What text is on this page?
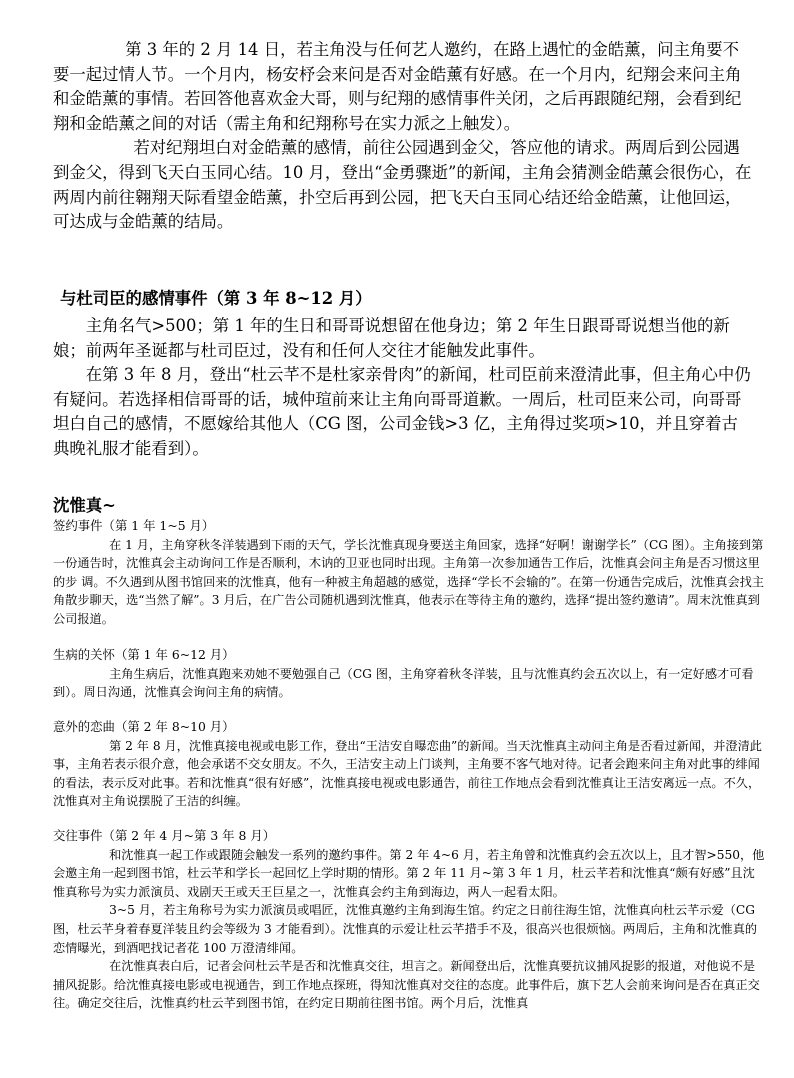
第 3 年的 2 月 14 日，若主角没与任何艺人邀约，在路上遇忙的金皓薰，问主角要不要一起过情人节。一个月内，杨安杼会来问是否对金皓薰有好感。在一个月内，纪翔会来问主角和金皓薰的事情。若回答他喜欢金大哥，则与纪翔的感情事件关闭，之后再跟随纪翔，会看到纪翔和金皓薰之间的对话（需主角和纪翔称号在实力派之上触发）。

若对纪翔坦白对金皓薰的感情，前往公园遇到金父，答应他的请求。两周后到公园遇到金父，得到飞天白玉同心结。10 月，登出“金勇骤逝”的新闻，主角会猜测金皓薰会很伤心，在两周内前往翱翔天际看望金皓薰，扑空后再到公园，把飞天白玉同心结还给金皓薰，让他回运，可达成与金皓薰的结局。

与杜司臣的感情事件（第 3 年 8~12 月）

主角名气>500；第 1 年的生日和哥哥说想留在他身边；第 2 年生日跟哥哥说想当他的新娘；前两年圣诞都与杜司臣过，没有和任何人交往才能触发此事件。

在第 3 年 8 月，登出“杜云芊不是杜家亲骨肉”的新闻，杜司臣前来澄清此事，但主角心中仍有疑问。若选择相信哥哥的话，城仲瑄前来让主角向哥哥道歉。一周后，杜司臣来公司，向哥哥坦白自己的感情，不愿嫁给其他人（CG 图，公司金钱>3 亿，主角得过奖项>10，并且穿着古典晚礼服才能看到）。

沈惟真~
签约事件（第 1 年 1~5 月）

在 1 月，主角穿秋冬洋装遇到下雨的天气，学长沈惟真现身要送主角回家，选择“好啊！谢谢学长”（CG 图）。主角接到第一份通告时，沈惟真会主动询问工作是否顺利，木讷的卫亚也同时出现。主角第一次参加通告工作后，沈惟真会问主角是否习惯这里的步 调。不久遇到从图书馆回来的沈惟真，他有一种被主角超越的感觉，选择“学长不会输的”。在第一份通告完成后，沈惟真会找主角散步聊天，选“当然了解”。3 月后，在广告公司随机遇到沈惟真，他表示在等待主角的邀约，选择“提出签约邀请”。周末沈惟真到公司报道。

生病的关怀（第 1 年 6~12 月）

主角生病后，沈惟真跑来劝她不要勉强自己（CG 图，主角穿着秋冬洋装，且与沈惟真约会五次以上，有一定好感才可看到）。周日沟通，沈惟真会询问主角的病情。

意外的恋曲（第 2 年 8~10 月）

第 2 年 8 月，沈惟真接电视或电影工作，登出“王洁安自曝恋曲”的新闻。当天沈惟真主动问主角是否看过新闻，并澄清此事，主角若表示很介意，他会承诺不交女朋友。不久，王洁安主动上门谈判，主角要不客气地对待。记者会跑来问主角对此事的绯闻的看法，表示反对此事。若和沈惟真“很有好感”，沈惟真接电视或电影通告，前往工作地点会看到沈惟真让王洁安离远一点。不久，沈惟真对主角说摆脱了王洁的纠缠。

交往事件（第 2 年 4 月~第 3 年 8 月）

和沈惟真一起工作或跟随会触发一系列的邀约事件。第 2 年 4~6 月，若主角曾和沈惟真约会五次以上，且才智>550，他会邀主角一起到图书馆，杜云芊和学长一起回忆上学时期的情形。第 2 年 11 月~第 3 年 1 月，杜云芊若和沈惟真“颇有好感”且沈惟真称号为实力派演员、戏剧天王或天王巨星之一，沈惟真会约主角到海边，两人一起看太阳。

3~5 月，若主角称号为实力派演员或唱匠，沈惟真邀约主角到海生馆。约定之日前往海生馆，沈惟真向杜云芊示爱（CG 图，杜云芊身着春夏洋装且约会等级为 3 才能看到）。沈惟真的示爱让杜云芊措手不及，很高兴也很烦恼。两周后，主角和沈惟真的恋情曝光，到酒吧找记者花 100 万澄清绯闻。

在沈惟真表白后，记者会问杜云芊是否和沈惟真交往，坦言之。新闻登出后，沈惟真要抗议捕风捉影的报道，对他说不是捕风捉影。给沈惟真接电影或电视通告，到工作地点探班，得知沈惟真对交往的态度。此事件后，旗下艺人会前来询问是否在真正交往。确定交往后，沈惟真约杜云芊到图书馆，在约定日期前往图书馆。两个月后，沈惟真
